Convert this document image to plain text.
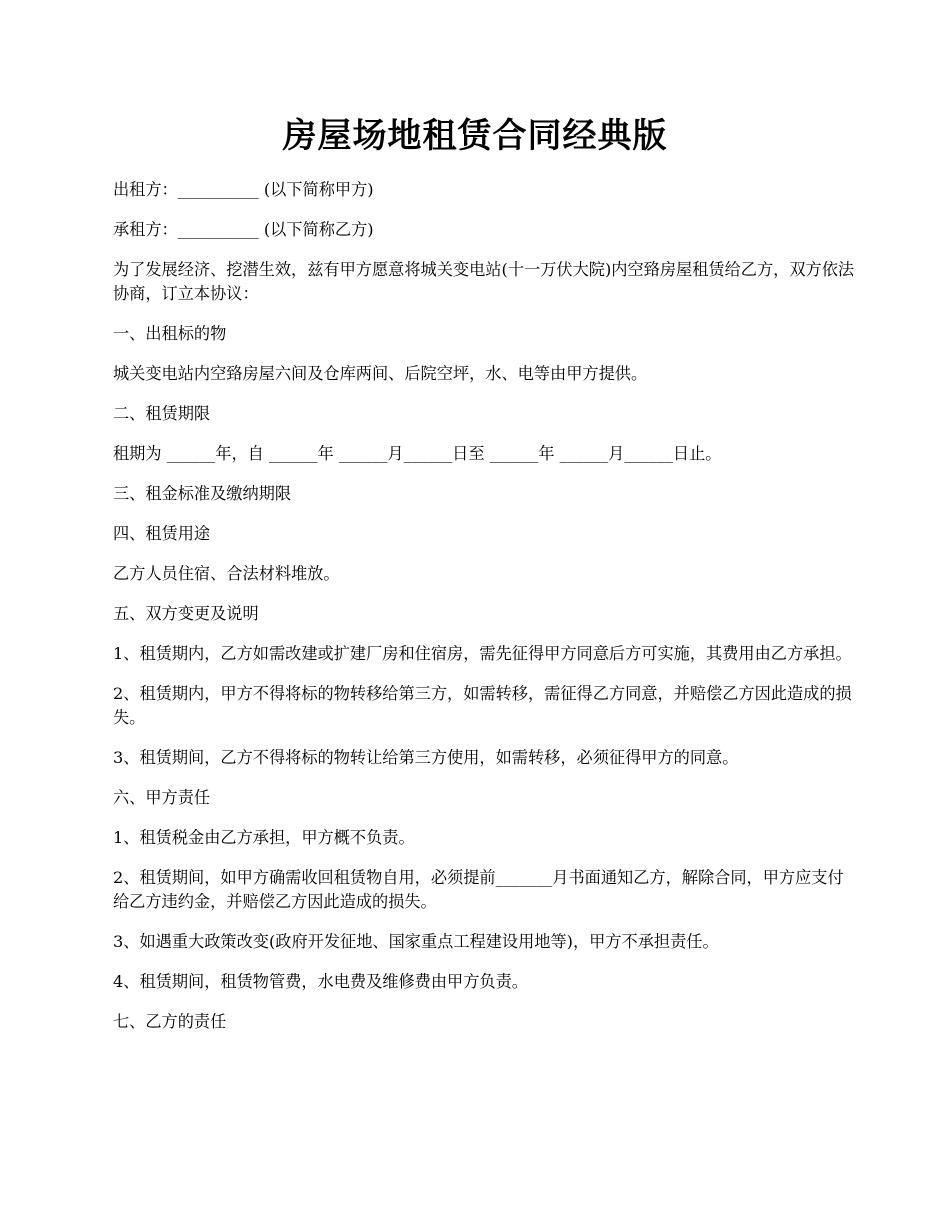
房屋场地租赁合同经典版

出租方：__________ (以下简称甲方)

承租方：__________ (以下简称乙方)

为了发展经济、挖潜生效，兹有甲方愿意将城关变电站(十一万伏大院)内空臵房屋租赁给乙方，双方依法协商，订立本协议：

一、出租标的物

城关变电站内空臵房屋六间及仓库两间、后院空坪，水、电等由甲方提供。

二、租赁期限

租期为 ______年，自 ______年 ______月______日至 ______年 ______月______日止。

三、租金标准及缴纳期限

四、租赁用途

乙方人员住宿、合法材料堆放。

五、双方变更及说明

1、租赁期内，乙方如需改建或扩建厂房和住宿房，需先征得甲方同意后方可实施，其费用由乙方承担。

2、租赁期内，甲方不得将标的物转移给第三方，如需转移，需征得乙方同意，并赔偿乙方因此造成的损失。

3、租赁期间，乙方不得将标的物转让给第三方使用，如需转移，必须征得甲方的同意。

六、甲方责任

1、租赁税金由乙方承担，甲方概不负责。

2、租赁期间，如甲方确需收回租赁物自用，必须提前_______月书面通知乙方，解除合同，甲方应支付给乙方违约金，并赔偿乙方因此造成的损失。

3、如遇重大政策改变(政府开发征地、国家重点工程建设用地等)，甲方不承担责任。

4、租赁期间，租赁物管费，水电费及维修费由甲方负责。

七、乙方的责任
